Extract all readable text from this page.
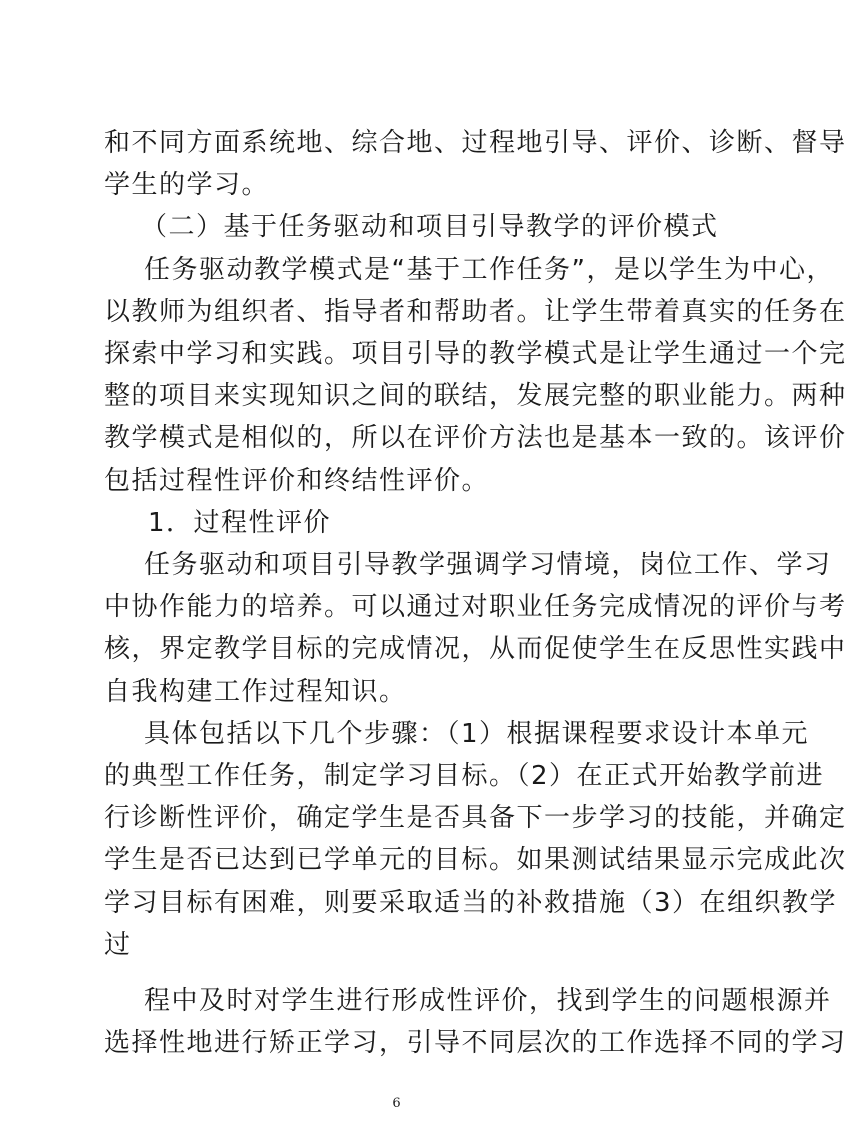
和不同方面系统地、综合地、过程地引导、评价、诊断、督导
学生的学习。
（二）基于任务驱动和项目引导教学的评价模式
任务驱动教学模式是“基于工作任务”，是以学生为中心，
以教师为组织者、指导者和帮助者。让学生带着真实的任务在
探索中学习和实践。项目引导的教学模式是让学生通过一个完
整的项目来实现知识之间的联结，发展完整的职业能力。两种
教学模式是相似的，所以在评价方法也是基本一致的。该评价
包括过程性评价和终结性评价。
1．过程性评价
任务驱动和项目引导教学强调学习情境，岗位工作、学习
中协作能力的培养。可以通过对职业任务完成情况的评价与考
核，界定教学目标的完成情况，从而促使学生在反思性实践中
自我构建工作过程知识。
具体包括以下几个步骤：（1）根据课程要求设计本单元
的典型工作任务，制定学习目标。（2）在正式开始教学前进
行诊断性评价，确定学生是否具备下一步学习的技能，并确定
学生是否已达到已学单元的目标。如果测试结果显示完成此次
学习目标有困难，则要采取适当的补救措施（3）在组织教学
过
程中及时对学生进行形成性评价，找到学生的问题根源并
选择性地进行矫正学习，引导不同层次的工作选择不同的学习
6
